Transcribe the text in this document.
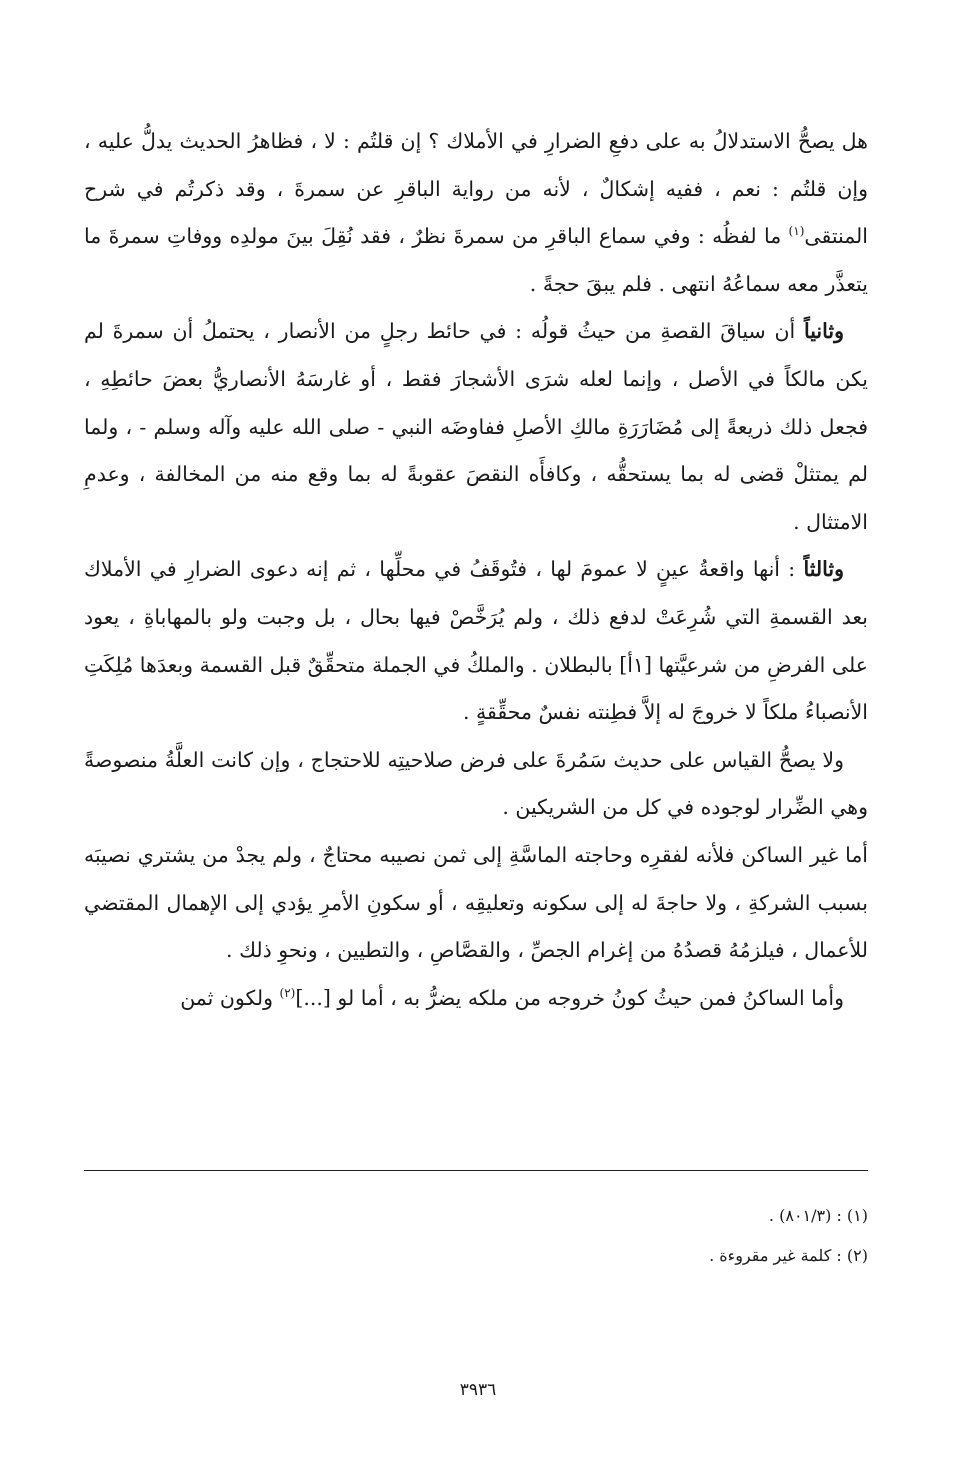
هل يصحُّ الاستدلالُ به على دفعِ الضرارِ في الأملاك ؟ إن قلتُم : لا ، فظاهرُ الحديث يدلُّ عليه ، وإن قلتُم : نعم ، ففيه إشكالٌ ، لأنه من رواية الباقرِ عن سمرةَ ، وقد ذكرتُم في شرح المنتقى$^{(١)}$ ما لفظُه : وفي سماع الباقرِ من سمرةَ نظرٌ ، فقد نُقِلَ بينَ مولدِه ووفاتِ سمرةَ ما يتعذَّر معه سماعُهُ انتهى . فلم يبقَ حجةً .

وثانياً أن سياقَ القصةِ من حيثُ قولُه : في حائط رجلٍ من الأنصار ، يحتملُ أن سمرةَ لم يكن مالكاً في الأصل ، وإنما لعله شرَى الأشجارَ فقط ، أو غارسَهُ الأنصاريُّ بعضَ حائطِهِ ، فجعل ذلك ذريعةً إلى مُضَارَرَةِ مالكِ الأصلِ ففاوضَه النبي - صلى الله عليه وآله وسلم - ، ولما لم يمتثلْ قضى له بما يستحقُّه ، وكافأَه النقصَ عقوبةً له بما وقع منه من المخالفة ، وعدمِ الامتثال .

وثالثاً : أنها واقعةُ عينٍ لا عمومَ لها ، فتُوقَفُ في محلِّها ، ثم إنه دعوى الضرارِ في الأملاك بعد القسمةِ التي شُرِعَتْ لدفع ذلك ، ولم يُرَخَّصْ فيها بحال ، بل وجبت ولو بالمهاباةِ ، يعود على الفرضِ من شرعيَّتها [١أ] بالبطلان . والملكُ في الجملة متحقِّقٌ قبل القسمة وبعدَها مُلِكَتِ الأنصباءُ ملكاً لا خروجَ له إلاَّ فطِنته نفسٌ محقِّقةٍ .

ولا يصحُّ القياس على حديث سَمُرةَ على فرض صلاحيتِه للاحتجاج ، وإن كانت العلَّةُ منصوصةً وهي الضِّرار لوجوده في كل من الشريكين .

أما غير الساكن فلأنه لفقرِه وحاجته الماسَّةِ إلى ثمن نصيبه محتاجٌ ، ولم يجدْ من يشتري نصيبَه بسبب الشركةِ ، ولا حاجةَ له إلى سكونه وتعليقِه ، أو سكونِ الأمرِ يؤدي إلى الإهمال المقتضي للأعمال ، فيلزمُهُ قصدُهُ من إغرام الجصِّ ، والقصَّاصِ ، والتطيين ، ونحوِ ذلك .

وأما الساكنُ فمن حيثُ كونُ خروجه من ملكه يضرُّ به ، أما لو [...]$^{(٢)}$ ولكون ثمن

(١) : (٨٠١/٣) .
(٢) : كلمة غير مقروءة .
٣٩٣٦
